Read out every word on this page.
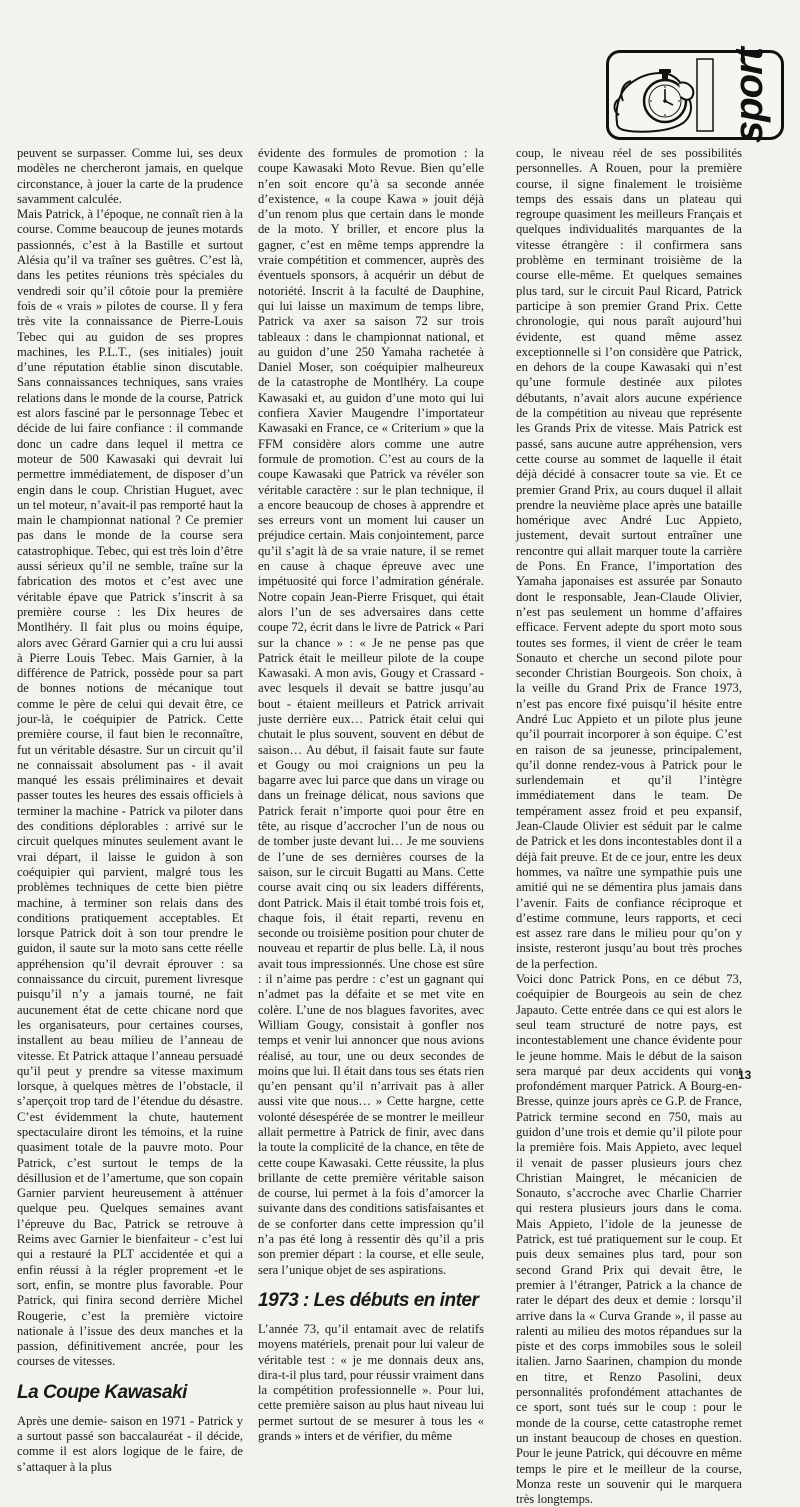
sport

peuvent se surpasser. Comme lui, ses deux modèles ne chercheront jamais, en quelque circonstance, à jouer la carte de la prudence savamment calculée.

Mais Patrick, à l’époque, ne connaît rien à la course. Comme beaucoup de jeunes motards passionnés, c’est à la Bastille et surtout Alésia qu’il va traîner ses guêtres. C’est là, dans les petites réunions très spéciales du vendredi soir qu’il côtoie pour la première fois de « vrais » pilotes de course. Il y fera très vite la connaissance de Pierre-Louis Tebec qui au guidon de ses propres machines, les P.L.T., (ses initiales) jouit d’une réputation établie sinon discutable. Sans connaissances techniques, sans vraies relations dans le monde de la course, Patrick est alors fasciné par le personnage Tebec et décide de lui faire confiance : il commande donc un cadre dans lequel il mettra ce moteur de 500 Kawasaki qui devrait lui permettre immédiatement, de disposer d’un engin dans le coup. Christian Huguet, avec un tel moteur, n’avait-il pas remporté haut la main le championnat national ? Ce premier pas dans le monde de la course sera catastrophique. Tebec, qui est très loin d’être aussi sérieux qu’il ne semble, traîne sur la fabrication des motos et c’est avec une véritable épave que Patrick s’inscrit à sa première course : les Dix heures de Montlhéry. Il fait plus ou moins équipe, alors avec Gérard Garnier qui a cru lui aussi à Pierre Louis Tebec. Mais Garnier, à la différence de Patrick, possède pour sa part de bonnes notions de mécanique tout comme le père de celui qui devait être, ce jour-là, le coéquipier de Patrick. Cette première course, il faut bien le reconnaître, fut un véritable désastre. Sur un circuit qu’il ne connaissait absolument pas - il avait manqué les essais préliminaires et devait passer toutes les heures des essais officiels à terminer la machine - Patrick va piloter dans des conditions déplorables : arrivé sur le circuit quelques minutes seulement avant le vrai départ, il laisse le guidon à son coéquipier qui parvient, malgré tous les problèmes techniques de cette bien piètre machine, à terminer son relais dans des conditions pratiquement acceptables. Et lorsque Patrick doit à son tour prendre le guidon, il saute sur la moto sans cette réelle appréhension qu’il devrait éprouver : sa connaissance du circuit, purement livresque puisqu’il n’y a jamais tourné, ne fait aucunement état de cette chicane nord que les organisateurs, pour certaines courses, installent au beau milieu de l’anneau de vitesse. Et Patrick attaque l’anneau persuadé qu’il peut y prendre sa vitesse maximum lorsque, à quelques mètres de l’obstacle, il s’aperçoit trop tard de l’étendue du désastre. C’est évidemment la chute, hautement spectaculaire diront les témoins, et la ruine quasiment totale de la pauvre moto. Pour Patrick, c’est surtout le temps de la désillusion et de l’amertume, que son copain Garnier parvient heureusement à atténuer quelque peu. Quelques semaines avant l’épreuve du Bac, Patrick se retrouve à Reims avec Garnier le bienfaiteur - c’est lui qui a restauré la PLT accidentée et qui a enfin réussi à la régler proprement -et le sort, enfin, se montre plus favorable. Pour Patrick, qui finira second derrière Michel Rougerie, c’est la première victoire nationale à l’issue des deux manches et la passion, définitivement ancrée, pour les courses de vitesses.

La Coupe Kawasaki

Après une demie- saison en 1971 - Patrick y a surtout passé son baccalauréat - il décide, comme il est alors logique de le faire, de s’attaquer à la plus

évidente des formules de promotion : la coupe Kawasaki Moto Revue. Bien qu’elle n’en soit encore qu’à sa seconde année d’existence, « la coupe Kawa » jouit déjà d’un renom plus que certain dans le monde de la moto. Y briller, et encore plus la gagner, c’est en même temps apprendre la vraie compétition et commencer, auprès des éventuels sponsors, à acquérir un début de notoriété. Inscrit à la faculté de Dauphine, qui lui laisse un maximum de temps libre, Patrick va axer sa saison 72 sur trois tableaux : dans le championnat national, et au guidon d’une 250 Yamaha rachetée à Daniel Moser, son coéquipier malheureux de la catastrophe de Montlhéry. La coupe Kawasaki et, au guidon d’une moto qui lui confiera Xavier Maugendre l’importateur Kawasaki en France, ce « Criterium » que la FFM considère alors comme une autre formule de promotion. C’est au cours de la coupe Kawasaki que Patrick va révéler son véritable caractère : sur le plan technique, il a encore beaucoup de choses à apprendre et ses erreurs vont un moment lui causer un préjudice certain. Mais conjointement, parce qu’il s’agit là de sa vraie nature, il se remet en cause à chaque épreuve avec une impétuosité qui force l’admiration générale. Notre copain Jean-Pierre Frisquet, qui était alors l’un de ses adversaires dans cette coupe 72, écrit dans le livre de Patrick « Pari sur la chance » : « Je ne pense pas que Patrick était le meilleur pilote de la coupe Kawasaki. A mon avis, Gougy et Crassard - avec lesquels il devait se battre jusqu’au bout - étaient meilleurs et Patrick arrivait juste derrière eux… Patrick était celui qui chutait le plus souvent, souvent en début de saison… Au début, il faisait faute sur faute et Gougy ou moi craignions un peu la bagarre avec lui parce que dans un virage ou dans un freinage délicat, nous savions que Patrick ferait n’importe quoi pour être en tête, au risque d’accrocher l’un de nous ou de tomber juste devant lui… Je me souviens de l’une de ses dernières courses de la saison, sur le circuit Bugatti au Mans. Cette course avait cinq ou six leaders différents, dont Patrick. Mais il était tombé trois fois et, chaque fois, il était reparti, revenu en seconde ou troisième position pour chuter de nouveau et repartir de plus belle. Là, il nous avait tous impressionnés. Une chose est sûre : il n’aime pas perdre : c’est un gagnant qui n’admet pas la défaite et se met vite en colère. L’une de nos blagues favorites, avec William Gougy, consistait à gonfler nos temps et venir lui annoncer que nous avions réalisé, au tour, une ou deux secondes de moins que lui. Il était dans tous ses états rien qu’en pensant qu’il n’arrivait pas à aller aussi vite que nous… » Cette hargne, cette volonté désespérée de se montrer le meilleur allait permettre à Patrick de finir, avec dans la toute la complicité de la chance, en tête de cette coupe Kawasaki. Cette réussite, la plus brillante de cette première véritable saison de course, lui permet à la fois d’amorcer la suivante dans des conditions satisfaisantes et de se conforter dans cette impression qu’il n’a pas été long à ressentir dès qu’il a pris son premier départ : la course, et elle seule, sera l’unique objet de ses aspirations.

1973 : Les débuts en inter

L’année 73, qu’il entamait avec de relatifs moyens matériels, prenait pour lui valeur de véritable test : « je me donnais deux ans, dira-t-il plus tard, pour réussir vraiment dans la compétition professionnelle ». Pour lui, cette première saison au plus haut niveau lui permet surtout de se mesurer à tous les « grands » inters et de vérifier, du même

coup, le niveau réel de ses possibilités personnelles. A Rouen, pour la première course, il signe finalement le troisième temps des essais dans un plateau qui regroupe quasiment les meilleurs Français et quelques individualités marquantes de la vitesse étrangère : il confirmera sans problème en terminant troisième de la course elle-même. Et quelques semaines plus tard, sur le circuit Paul Ricard, Patrick participe à son premier Grand Prix. Cette chronologie, qui nous paraît aujourd’hui évidente, est quand même assez exceptionnelle si l’on considère que Patrick, en dehors de la coupe Kawasaki qui n’est qu’une formule destinée aux pilotes débutants, n’avait alors aucune expérience de la compétition au niveau que représente les Grands Prix de vitesse. Mais Patrick est passé, sans aucune autre appréhension, vers cette course au sommet de laquelle il était déjà décidé à consacrer toute sa vie. Et ce premier Grand Prix, au cours duquel il allait prendre la neuvième place après une bataille homérique avec André Luc Appieto, justement, devait surtout entraîner une rencontre qui allait marquer toute la carrière de Pons. En France, l’importation des Yamaha japonaises est assurée par Sonauto dont le responsable, Jean-Claude Olivier, n’est pas seulement un homme d’affaires efficace. Fervent adepte du sport moto sous toutes ses formes, il vient de créer le team Sonauto et cherche un second pilote pour seconder Christian Bourgeois. Son choix, à la veille du Grand Prix de France 1973, n’est pas encore fixé puisqu’il hésite entre André Luc Appieto et un pilote plus jeune qu’il pourrait incorporer à son équipe. C’est en raison de sa jeunesse, principalement, qu’il donne rendez-vous à Patrick pour le surlendemain et qu’il l’intègre immédiatement dans le team. De tempérament assez froid et peu expansif, Jean-Claude Olivier est séduit par le calme de Patrick et les dons incontestables dont il a déjà fait preuve. Et de ce jour, entre les deux hommes, va naître une sympathie puis une amitié qui ne se démentira plus jamais dans l’avenir. Faits de confiance réciproque et d’estime commune, leurs rapports, et ceci est assez rare dans le milieu pour qu’on y insiste, resteront jusqu’au bout très proches de la perfection.

Voici donc Patrick Pons, en ce début 73, coéquipier de Bourgeois au sein de chez Japauto. Cette entrée dans ce qui est alors le seul team structuré de notre pays, est incontestablement une chance évidente pour le jeune homme. Mais le début de la saison sera marqué par deux accidents qui vont profondément marquer Patrick. A Bourg-en-Bresse, quinze jours après ce G.P. de France, Patrick termine second en 750, mais au guidon d’une trois et demie qu’il pilote pour la première fois. Mais Appieto, avec lequel il venait de passer plusieurs jours chez Christian Maingret, le mécanicien de Sonauto, s’accroche avec Charlie Charrier qui restera plusieurs jours dans le coma. Mais Appieto, l’idole de la jeunesse de Patrick, est tué pratiquement sur le coup. Et puis deux semaines plus tard, pour son second Grand Prix qui devait être, le premier à l’étranger, Patrick a la chance de rater le départ des deux et demie : lorsqu’il arrive dans la « Curva Grande », il passe au ralenti au milieu des motos répandues sur la piste et des corps immobiles sous le soleil italien. Jarno Saarinen, champion du monde en titre, et Renzo Pasolini, deux personnalités profondément attachantes de ce sport, sont tués sur le coup : pour le monde de la course, cette catastrophe remet un instant beaucoup de choses en question. Pour le jeune Patrick, qui découvre en même temps le pire et le meilleur de la course, Monza reste un souvenir qui le marquera très longtemps.

13
